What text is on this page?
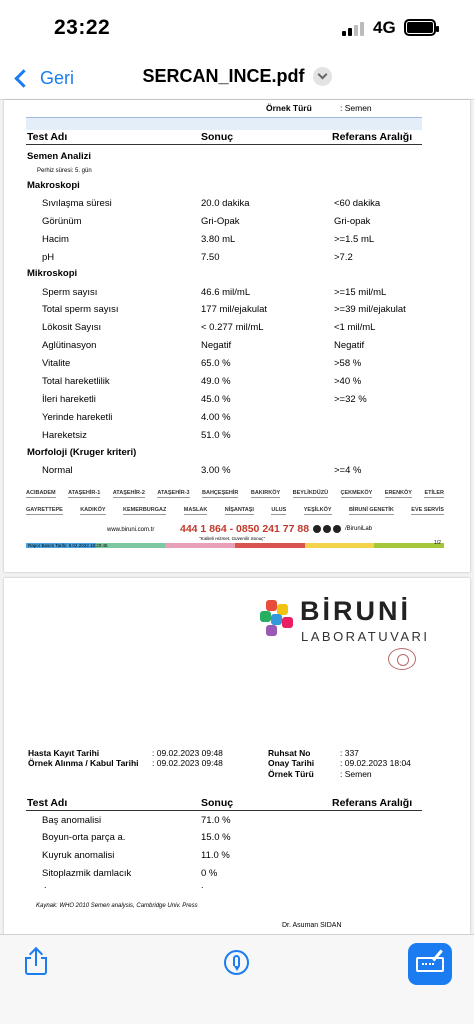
23:22	4G
Geri	SERCAN_INCE.pdf
Örnek Türü	: Semen
Test Adı	Sonuç	Referans Aralığı
Semen Analizi
Perhiz süresi: 5. gün
Makroskopi
Sıvılaşma süresi	20.0 dakika	<60 dakika
Görünüm	Gri-Opak	Gri-opak
Hacim	3.80 mL	>=1.5 mL
pH	7.50	>7.2
Mikroskopi
Sperm sayısı	46.6 mil/mL	>=15 mil/mL
Total sperm sayısı	177 mil/ejakulat	>=39 mil/ejakulat
Lökosit Sayısı	< 0.277 mil/mL	<1 mil/mL
Aglütinasyon	Negatif	Negatif
Vitalite	65.0 %	>58 %
Total hareketlilik	49.0 %	>40 %
İleri hareketli	45.0 %	>=32 %
Yerinde hareketli	4.00 %
Hareketsiz	51.0 %
Morfoloji (Kruger kriteri)
Normal	3.00 %	>=4 %
ACIBADEM ATAŞEHİR-1 ATAŞEHİR-2 ATAŞEHİR-3 BAHÇEŞEHİR BAKIRKÖY BEYLİKDÜZÜ ÇEKMEKÖY ERENKÖY ETİLER
GAYRETTEPE	KADIKÖY	KEMERBURGAZ	MASLAK	NİŞANTAŞI	ULUS	YEŞİLKÖY	BİRUNİ GENETİK	EVE SERVİS
www.biruni.com.tr 444 1 864 - 0850 241 77 88
"Kaliteli Hizmet, Güvenilir Sonuç"
/BiruniLab
Rapor Basım Tarihi: 9.02.2023 18:20:45	1/2
BİRUNİ
LABORATUVARI
Hasta Kayıt Tarihi	: 09.02.2023 09:48
Örnek Alınma / Kabul Tarihi : 09.02.2023 09:48
Ruhsat No	: 337
Onay Tarihi	: 09.02.2023 18:04
Örnek Türü	: Semen
Test Adı	Sonuç	Referans Aralığı
Baş anomalisi	71.0 %
Boyun-orta parça a.	15.0 %
Kuyruk anomalisi	11.0 %
Sitoplazmik damlacık	0 %
.	.
Kaynak: WHO 2010 Semen analysis, Cambridge Univ. Press
Dr. Asuman SIDAN
